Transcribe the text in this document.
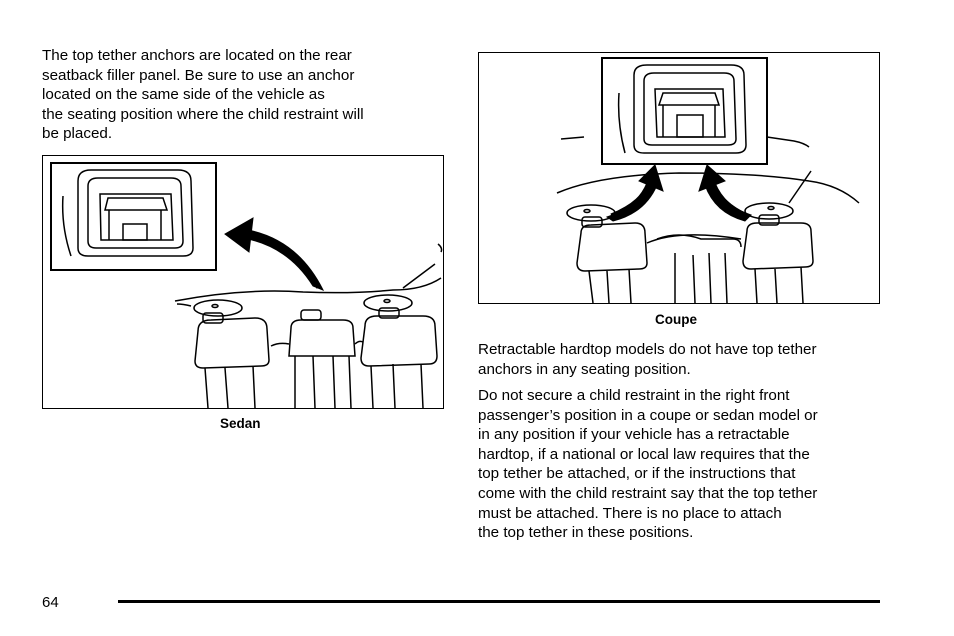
The top tether anchors are located on the rear
seatback filler panel. Be sure to use an anchor
located on the same side of the vehicle as
the seating position where the child restraint will
be placed.
Sedan
Coupe
Retractable hardtop models do not have top tether
anchors in any seating position.
Do not secure a child restraint in the right front
passenger’s position in a coupe or sedan model or
in any position if your vehicle has a retractable
hardtop, if a national or local law requires that the
top tether be attached, or if the instructions that
come with the child restraint say that the top tether
must be attached. There is no place to attach
the top tether in these positions.
64
